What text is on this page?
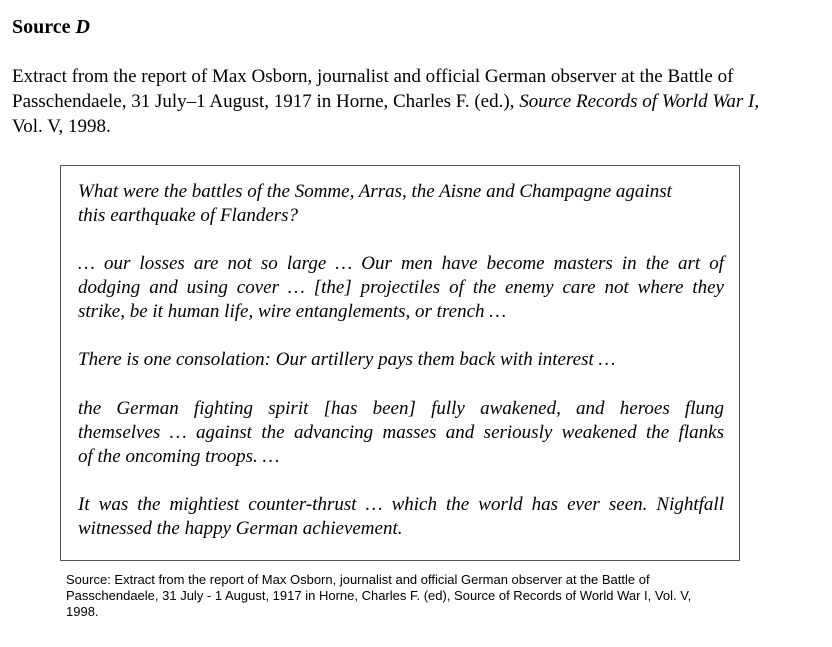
Source D

Extract from the report of Max Osborn, journalist and official German observer at the Battle of
Passchendaele, 31 July–1 August, 1917 in Horne, Charles F. (ed.), Source Records of World War I,
Vol. V, 1998.

What were the battles of the Somme, Arras, the Aisne and Champagne against
this earthquake of Flanders?

… our losses are not so large … Our men have become masters in the art of
dodging and using cover … [the] projectiles of the enemy care not where they
strike, be it human life, wire entanglements, or trench …

There is one consolation: Our artillery pays them back with interest …

the German fighting spirit [has been] fully awakened, and heroes flung
themselves … against the advancing masses and seriously weakened the flanks
of the oncoming troops. …

It was the mightiest counter-thrust … which the world has ever seen. Nightfall
witnessed the happy German achievement.

Source: Extract from the report of Max Osborn, journalist and official German observer at the Battle of
Passchendaele, 31 July - 1 August, 1917 in Horne, Charles F. (ed), Source of Records of World War I, Vol. V,
1998.
